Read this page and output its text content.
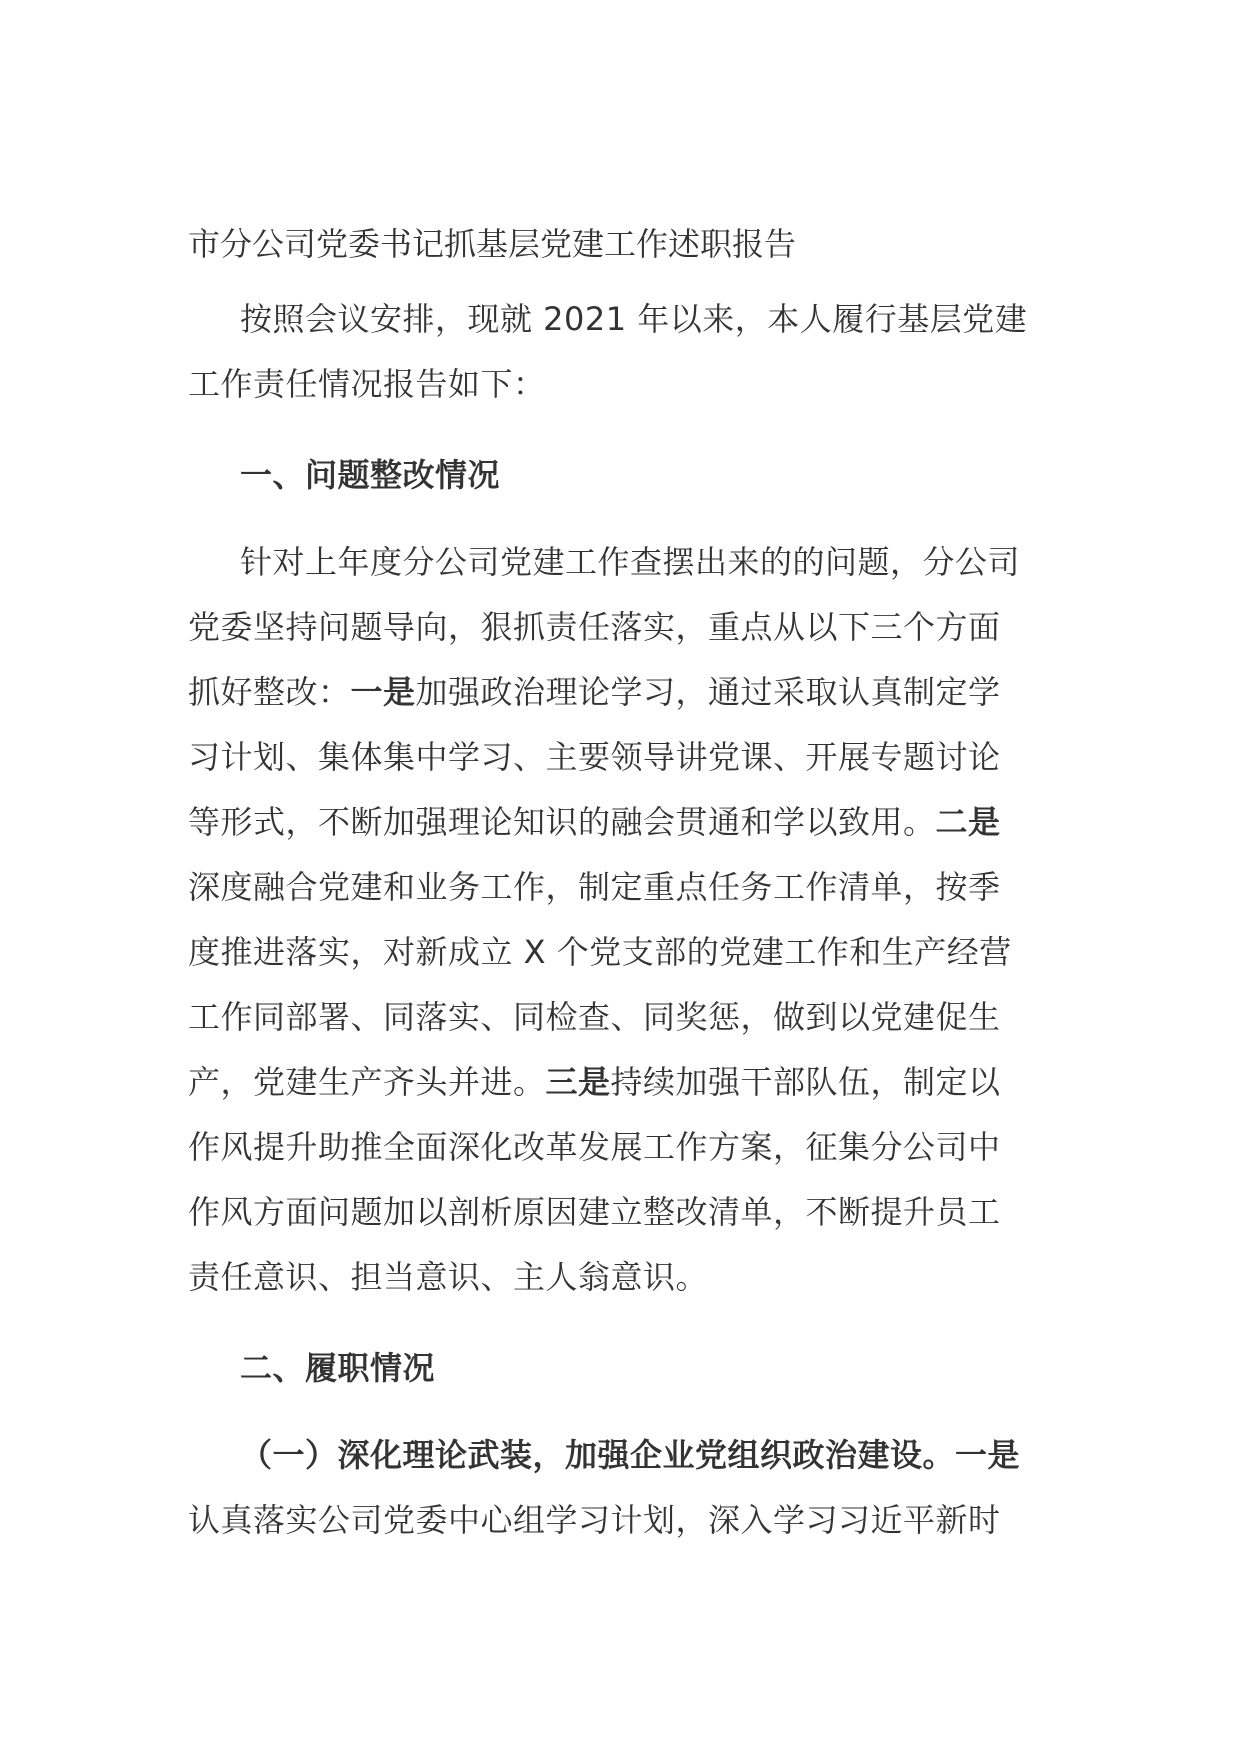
市分公司党委书记抓基层党建工作述职报告
按照会议安排，现就 2021 年以来，本人履行基层党建
工作责任情况报告如下：
一、问题整改情况
针对上年度分公司党建工作查摆出来的的问题，分公司
党委坚持问题导向，狠抓责任落实，重点从以下三个方面
抓好整改：一是加强政治理论学习，通过采取认真制定学
习计划、集体集中学习、主要领导讲党课、开展专题讨论
等形式，不断加强理论知识的融会贯通和学以致用。二是
深度融合党建和业务工作，制定重点任务工作清单，按季
度推进落实，对新成立 X 个党支部的党建工作和生产经营
工作同部署、同落实、同检查、同奖惩，做到以党建促生
产，党建生产齐头并进。三是持续加强干部队伍，制定以
作风提升助推全面深化改革发展工作方案，征集分公司中
作风方面问题加以剖析原因建立整改清单，不断提升员工
责任意识、担当意识、主人翁意识。
二、履职情况
（一）深化理论武装，加强企业党组织政治建设。一是
认真落实公司党委中心组学习计划，深入学习习近平新时
